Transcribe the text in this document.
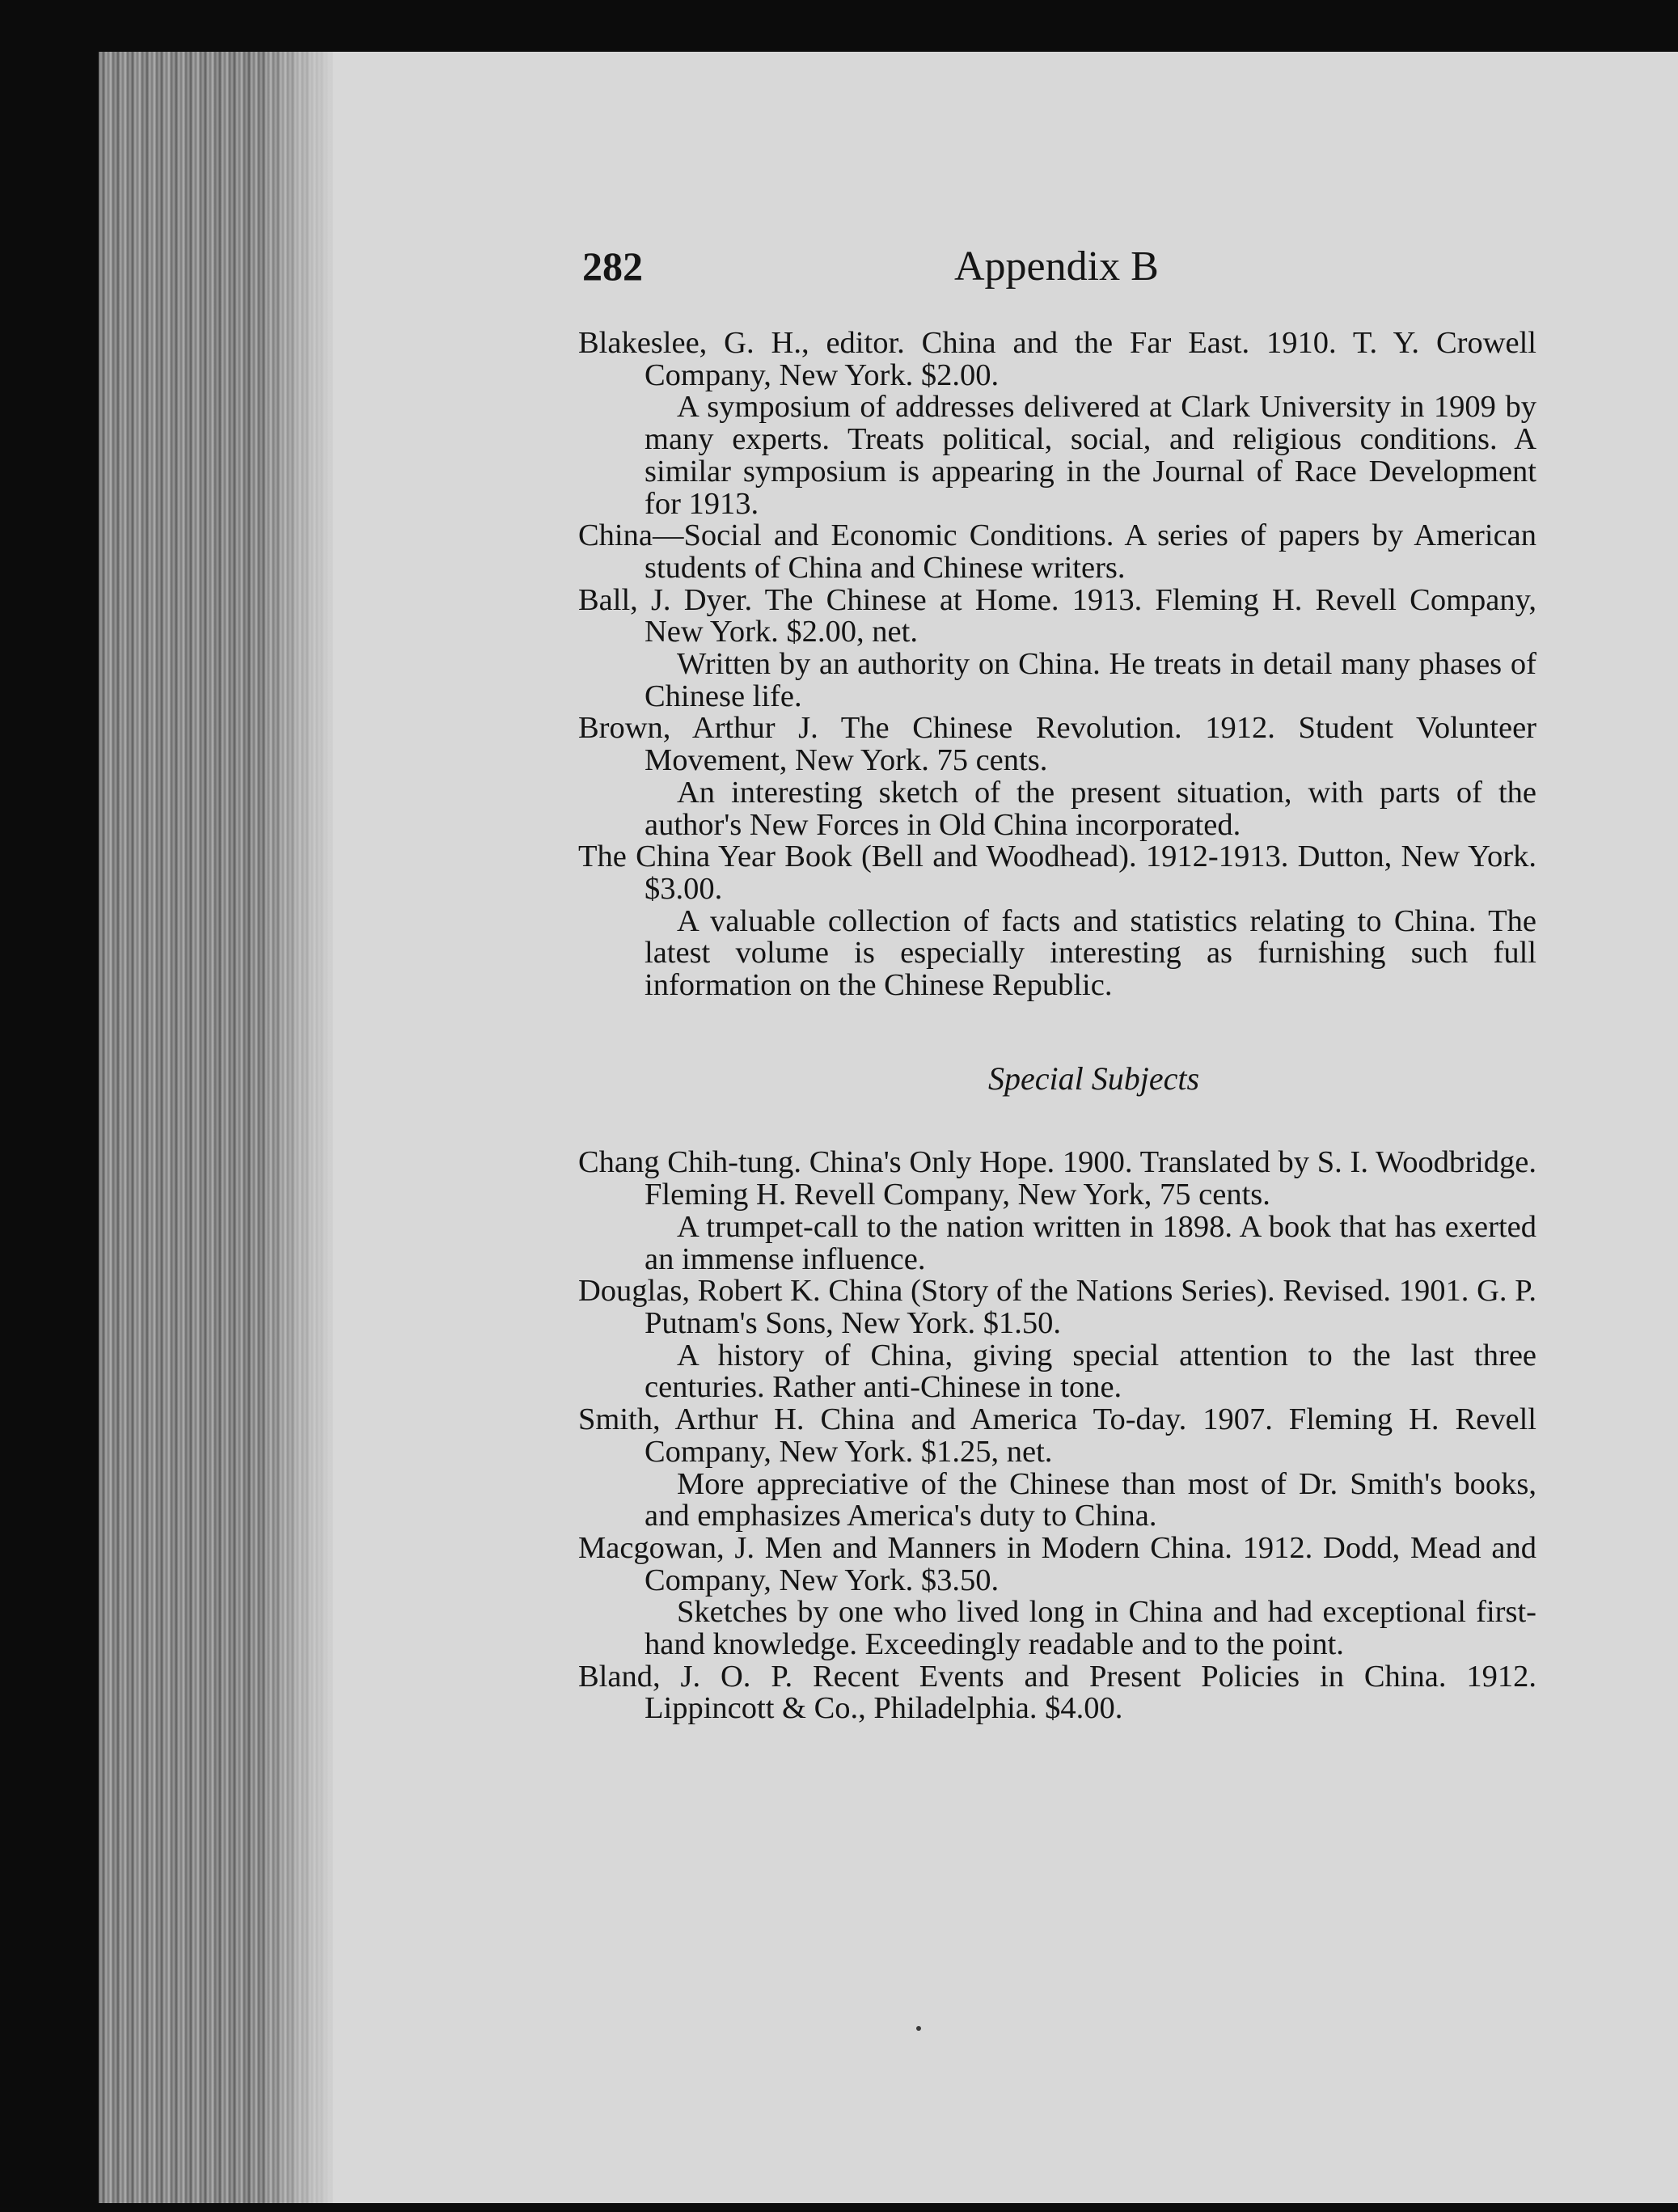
282	Appendix B

Blakeslee, G. H., editor. China and the Far East. 1910. T. Y. Crowell Company, New York. $2.00.

A symposium of addresses delivered at Clark University in 1909 by many experts. Treats political, social, and religious conditions. A similar symposium is appearing in the Journal of Race Development for 1913.

China—Social and Economic Conditions. A series of papers by American students of China and Chinese writers.

Ball, J. Dyer. The Chinese at Home. 1913. Fleming H. Revell Company, New York. $2.00, net.

Written by an authority on China. He treats in detail many phases of Chinese life.

Brown, Arthur J. The Chinese Revolution. 1912. Student Volunteer Movement, New York. 75 cents.

An interesting sketch of the present situation, with parts of the author's New Forces in Old China incorporated.

The China Year Book (Bell and Woodhead). 1912-1913. Dutton, New York. $3.00.

A valuable collection of facts and statistics relating to China. The latest volume is especially interesting as furnishing such full information on the Chinese Republic.

Special Subjects

Chang Chih-tung. China's Only Hope. 1900. Translated by S. I. Woodbridge. Fleming H. Revell Company, New York, 75 cents.

A trumpet-call to the nation written in 1898. A book that has exerted an immense influence.

Douglas, Robert K. China (Story of the Nations Series). Revised. 1901. G. P. Putnam's Sons, New York. $1.50.

A history of China, giving special attention to the last three centuries. Rather anti-Chinese in tone.

Smith, Arthur H. China and America To-day. 1907. Fleming H. Revell Company, New York. $1.25, net.

More appreciative of the Chinese than most of Dr. Smith's books, and emphasizes America's duty to China.

Macgowan, J. Men and Manners in Modern China. 1912. Dodd, Mead and Company, New York. $3.50.

Sketches by one who lived long in China and had exceptional first-hand knowledge. Exceedingly readable and to the point.

Bland, J. O. P. Recent Events and Present Policies in China. 1912. Lippincott & Co., Philadelphia. $4.00.
